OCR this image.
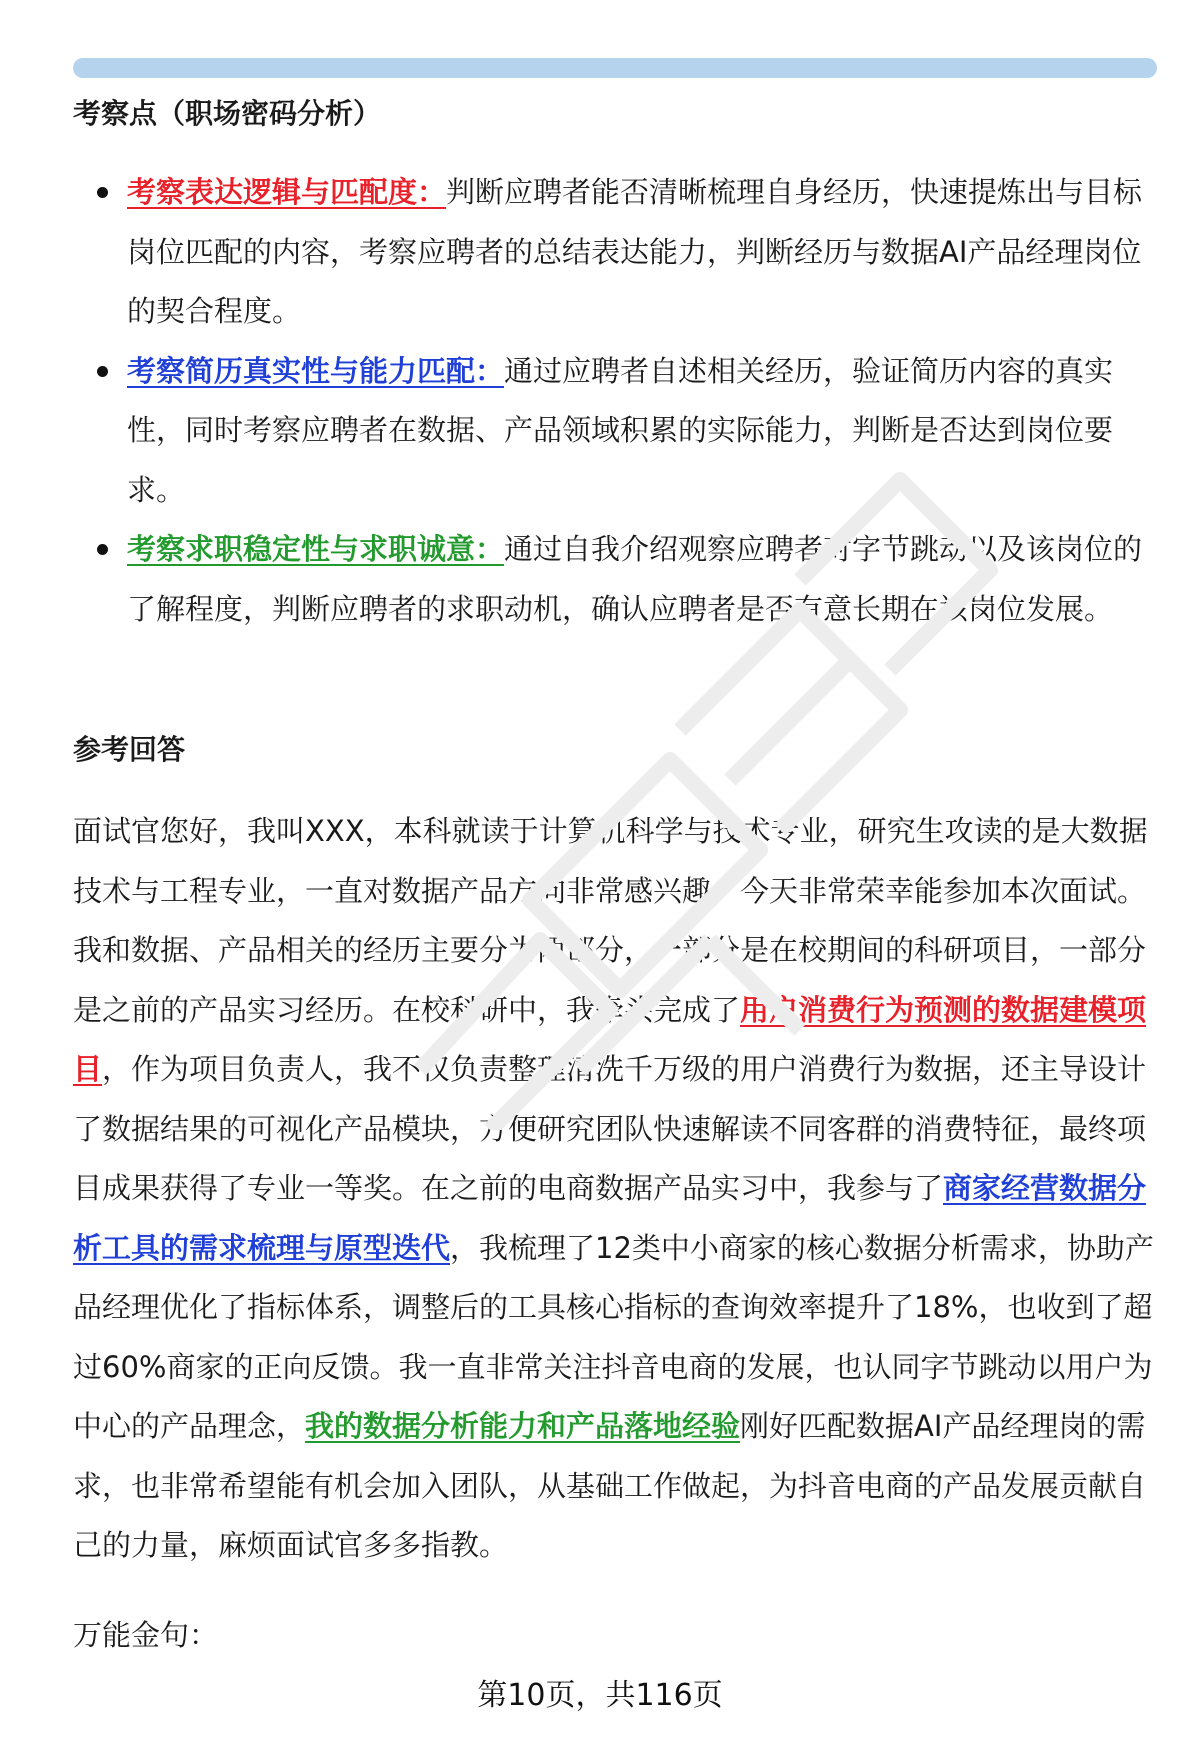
考察点（职场密码分析）
考察表达逻辑与匹配度：判断应聘者能否清晰梳理自身经历，快速提炼出与目标岗位匹配的内容，考察应聘者的总结表达能力，判断经历与数据AI产品经理岗位的契合程度。
考察简历真实性与能力匹配：通过应聘者自述相关经历，验证简历内容的真实性，同时考察应聘者在数据、产品领域积累的实际能力，判断是否达到岗位要求。
考察求职稳定性与求职诚意：通过自我介绍观察应聘者对字节跳动以及该岗位的了解程度，判断应聘者的求职动机，确认应聘者是否有意长期在该岗位发展。
参考回答

面试官您好，我叫XXX，本科就读于计算机科学与技术专业，研究生攻读的是大数据技术与工程专业，一直对数据产品方向非常感兴趣，今天非常荣幸能参加本次面试。我和数据、产品相关的经历主要分为两部分，一部分是在校期间的科研项目，一部分是之前的产品实习经历。在校科研中，我牵头完成了用户消费行为预测的数据建模项目，作为项目负责人，我不仅负责整理清洗千万级的用户消费行为数据，还主导设计了数据结果的可视化产品模块，方便研究团队快速解读不同客群的消费特征，最终项目成果获得了专业一等奖。在之前的电商数据产品实习中，我参与了商家经营数据分析工具的需求梳理与原型迭代，我梳理了12类中小商家的核心数据分析需求，协助产品经理优化了指标体系，调整后的工具核心指标的查询效率提升了18%，也收到了超过60%商家的正向反馈。我一直非常关注抖音电商的发展，也认同字节跳动以用户为中心的产品理念，我的数据分析能力和产品落地经验刚好匹配数据AI产品经理岗的需求，也非常希望能有机会加入团队，从基础工作做起，为抖音电商的产品发展贡献自己的力量，麻烦面试官多多指教。

万能金句：

第10页，共116页
